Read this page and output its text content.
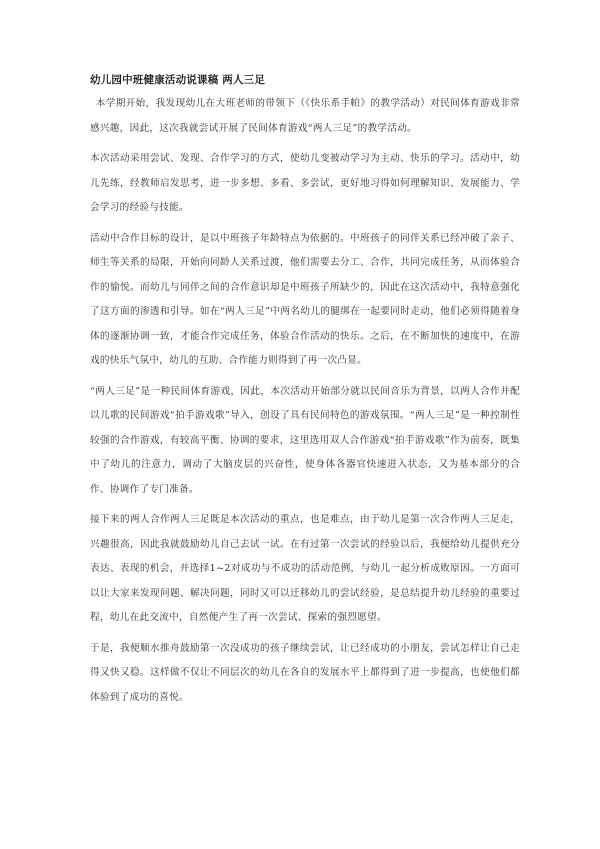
幼儿园中班健康活动说课稿 两人三足

本学期开始，我发现幼儿在大班老师的带领下（《快乐系手帕》的教学活动）对民间体育游戏非常感兴趣，因此，这次我就尝试开展了民间体育游戏“两人三足”的教学活动。

本次活动采用尝试、发现、合作学习的方式，使幼儿变被动学习为主动、快乐的学习。活动中，幼儿先练，经教师启发思考，进一步多想、多看、多尝试，更好地习得如何理解知识、发展能力、学会学习的经验与技能。

活动中合作目标的设计，是以中班孩子年龄特点为依据的。中班孩子的同伴关系已经冲破了亲子、师生等关系的局限，开始向同龄人关系过渡，他们需要去分工、合作，共同完成任务，从而体验合作的愉悦。而幼儿与同伴之间的合作意识却是中班孩子所缺少的，因此在这次活动中，我特意强化了这方面的渗透和引导。如在“两人三足”中两名幼儿的腿绑在一起要同时走动，他们必须得随着身体的逐渐协调一致，才能合作完成任务，体验合作活动的快乐。之后，在不断加快的速度中，在游戏的快乐气氛中，幼儿的互助、合作能力则得到了再一次凸显。

“两人三足”是一种民间体育游戏，因此，本次活动开始部分就以民间音乐为背景，以两人合作并配以儿歌的民间游戏“拍手游戏歌”导入，创设了具有民间特色的游戏氛围。“两人三足”是一种控制性较强的合作游戏，有较高平衡、协调的要求，这里选用双人合作游戏“拍手游戏歌”作为前奏，既集中了幼儿的注意力，调动了大脑皮层的兴奋性，使身体各器官快速进入状态，又为基本部分的合作、协调作了专门准备。

接下来的两人合作两人三足既是本次活动的重点，也是难点，由于幼儿是第一次合作两人三足走，兴趣很高，因此我就鼓励幼儿自己去试一试。在有过第一次尝试的经验以后，我便给幼儿提供充分表达、表现的机会，并选择1~2对成功与不成功的活动范例，与幼儿一起分析成败原因。一方面可以让大家来发现问题、解决问题，同时又可以迁移幼儿的尝试经验，是总结提升幼儿经验的重要过程，幼儿在此交流中，自然便产生了再一次尝试、探索的强烈愿望。

于是，我便顺水推舟鼓励第一次没成功的孩子继续尝试，让已经成功的小朋友，尝试怎样让自己走得又快又稳。这样做不仅让不同层次的幼儿在各自的发展水平上都得到了进一步提高，也使他们都体验到了成功的喜悦。
